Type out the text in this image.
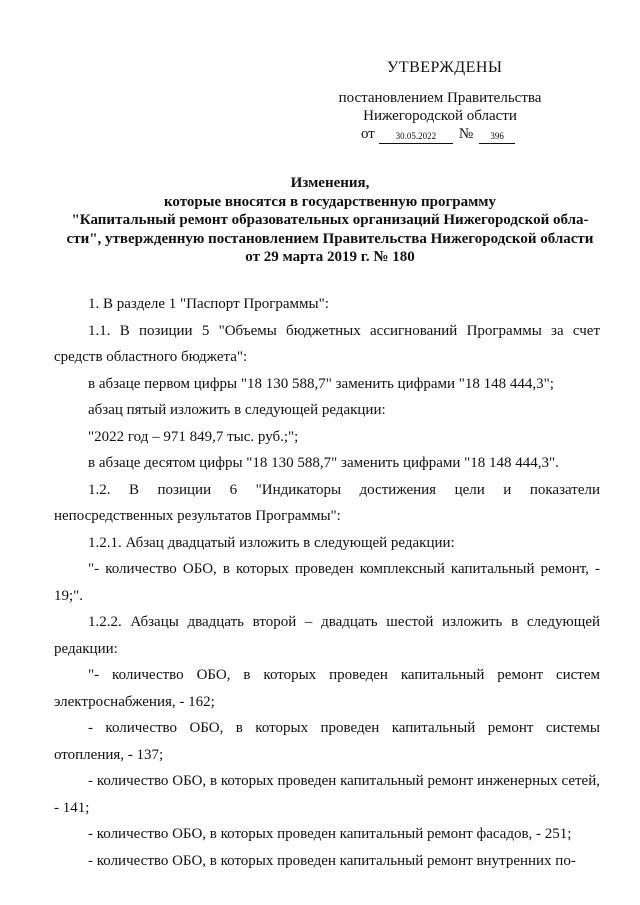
УТВЕРЖДЕНЫ
постановлением Правительства
Нижегородской области
от	30.05.2022	№	396
Изменения,
которые вносятся в государственную программу
"Капитальный ремонт образовательных организаций Нижегородской обла-
сти", утвержденную постановлением Правительства Нижегородской области
от 29 марта 2019 г. № 180

1. В разделе 1 "Паспорт Программы":

1.1. В позиции 5 "Объемы бюджетных ассигнований Программы за счет средств областного бюджета":

в абзаце первом цифры "18 130 588,7" заменить цифрами "18 148 444,3";

абзац пятый изложить в следующей редакции:

"2022 год – 971 849,7 тыс. руб.;";

в абзаце десятом цифры "18 130 588,7" заменить цифрами "18 148 444,3".

1.2. В позиции 6 "Индикаторы достижения цели и показатели непосредственных результатов Программы":

1.2.1. Абзац двадцатый изложить в следующей редакции:

"- количество ОБО, в которых проведен комплексный капитальный ремонт, - 19;".

1.2.2. Абзацы двадцать второй – двадцать шестой изложить в следующей редакции:

"- количество ОБО, в которых проведен капитальный ремонт систем электроснабжения, - 162;

- количество ОБО, в которых проведен капитальный ремонт системы отопления, - 137;

- количество ОБО, в которых проведен капитальный ремонт инженерных сетей, - 141;

- количество ОБО, в которых проведен капитальный ремонт фасадов, - 251;

- количество ОБО, в которых проведен капитальный ремонт внутренних по-
